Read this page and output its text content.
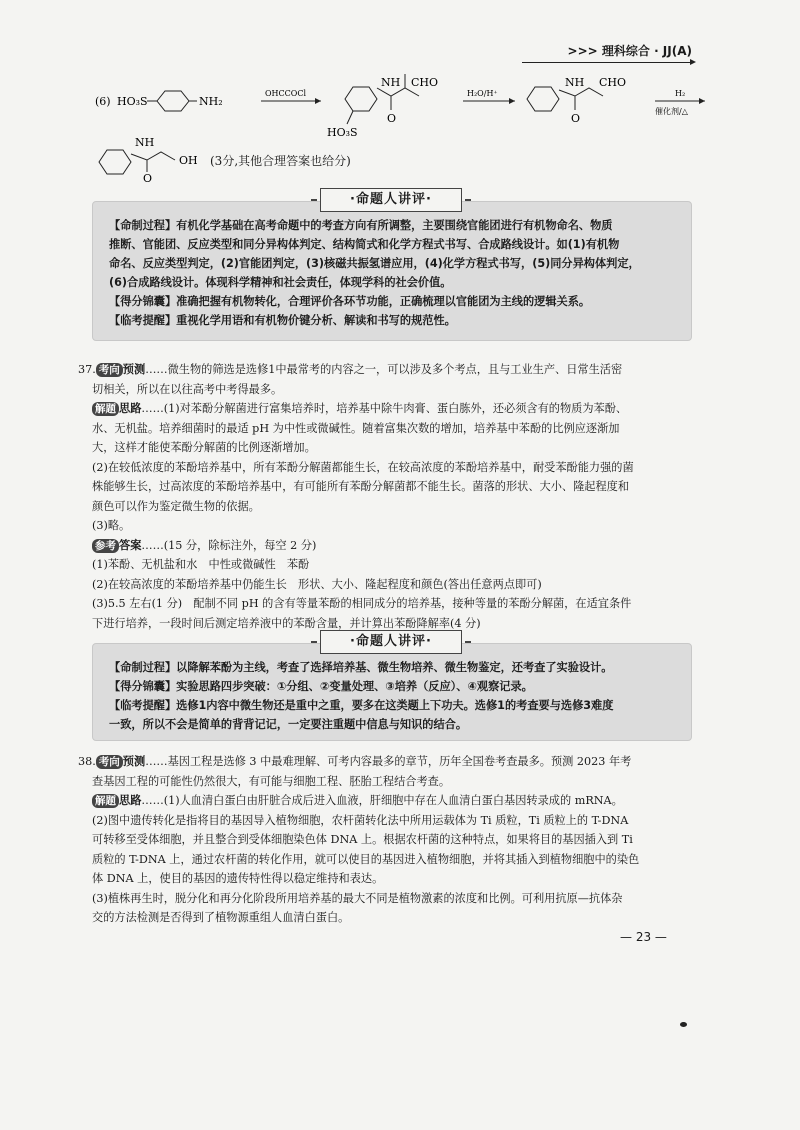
>>> 理科综合 · JJ(A)
(6) HO₃S	NH₂
OHCCOCl
HO₃S
NH CHO
O
H₂O/H⁺
NH CHO
O
H₂
催化剂/△
NH
O
OH (3分,其他合理答案也给分)
·命题人讲评·

【命制过程】有机化学基础在高考命题中的考查方向有所调整，主要围绕官能团进行有机物命名、物质

推断、官能团、反应类型和同分异构体判定、结构简式和化学方程式书写、合成路线设计。如(1)有机物

命名、反应类型判定，(2)官能团判定，(3)核磁共振氢谱应用，(4)化学方程式书写，(5)同分异构体判定，

(6)合成路线设计。体现科学精神和社会责任，体现学科的社会价值。

【得分锦囊】准确把握有机物转化，合理评价各环节功能，正确梳理以官能团为主线的逻辑关系。

【临考提醒】重视化学用语和有机物价键分析、解读和书写的规范性。

37. 考向 预测……微生物的筛选是选修1中最常考的内容之一，可以涉及多个考点，且与工业生产、日常生活密

切相关，所以在以往高考中考得最多。

解题 思路……(1)对苯酚分解菌进行富集培养时，培养基中除牛肉膏、蛋白胨外，还必须含有的物质为苯酚、

水、无机盐。培养细菌时的最适 pH 为中性或微碱性。随着富集次数的增加，培养基中苯酚的比例应逐渐加

大，这样才能使苯酚分解菌的比例逐渐增加。

(2)在较低浓度的苯酚培养基中，所有苯酚分解菌都能生长，在较高浓度的苯酚培养基中，耐受苯酚能力强的菌

株能够生长，过高浓度的苯酚培养基中，有可能所有苯酚分解菌都不能生长。菌落的形状、大小、隆起程度和

颜色可以作为鉴定微生物的依据。

(3)略。

参考 答案……(15 分，除标注外，每空 2 分)

(1)苯酚、无机盐和水　中性或微碱性　苯酚

(2)在较高浓度的苯酚培养基中仍能生长　形状、大小、隆起程度和颜色(答出任意两点即可)

(3)5.5 左右(1 分)　配制不同 pH 的含有等量苯酚的相同成分的培养基，接种等量的苯酚分解菌，在适宜条件

下进行培养，一段时间后测定培养液中的苯酚含量，并计算出苯酚降解率(4 分)

·命题人讲评·

【命制过程】以降解苯酚为主线，考查了选择培养基、微生物培养、微生物鉴定，还考查了实验设计。

【得分锦囊】实验思路四步突破：①分组、②变量处理、③培养（反应）、④观察记录。

【临考提醒】选修1内容中微生物还是重中之重，要多在这类题上下功夫。选修1的考查要与选修3难度

一致，所以不会是简单的背背记记，一定要注重题中信息与知识的结合。

38. 考向 预测……基因工程是选修 3 中最难理解、可考内容最多的章节，历年全国卷考查最多。预测 2023 年考

查基因工程的可能性仍然很大，有可能与细胞工程、胚胎工程结合考查。

解题 思路……(1)人血清白蛋白由肝脏合成后进入血液，肝细胞中存在人血清白蛋白基因转录成的 mRNA。

(2)图中遗传转化是指将目的基因导入植物细胞，农杆菌转化法中所用运载体为 Ti 质粒，Ti 质粒上的 T-DNA

可转移至受体细胞，并且整合到受体细胞染色体 DNA 上。根据农杆菌的这种特点，如果将目的基因插入到 Ti

质粒的 T-DNA 上，通过农杆菌的转化作用，就可以使目的基因进入植物细胞，并将其插入到植物细胞中的染色

体 DNA 上，使目的基因的遗传特性得以稳定维持和表达。

(3)植株再生时，脱分化和再分化阶段所用培养基的最大不同是植物激素的浓度和比例。可利用抗原—抗体杂

交的方法检测是否得到了植物源重组人血清白蛋白。

— 23 —
